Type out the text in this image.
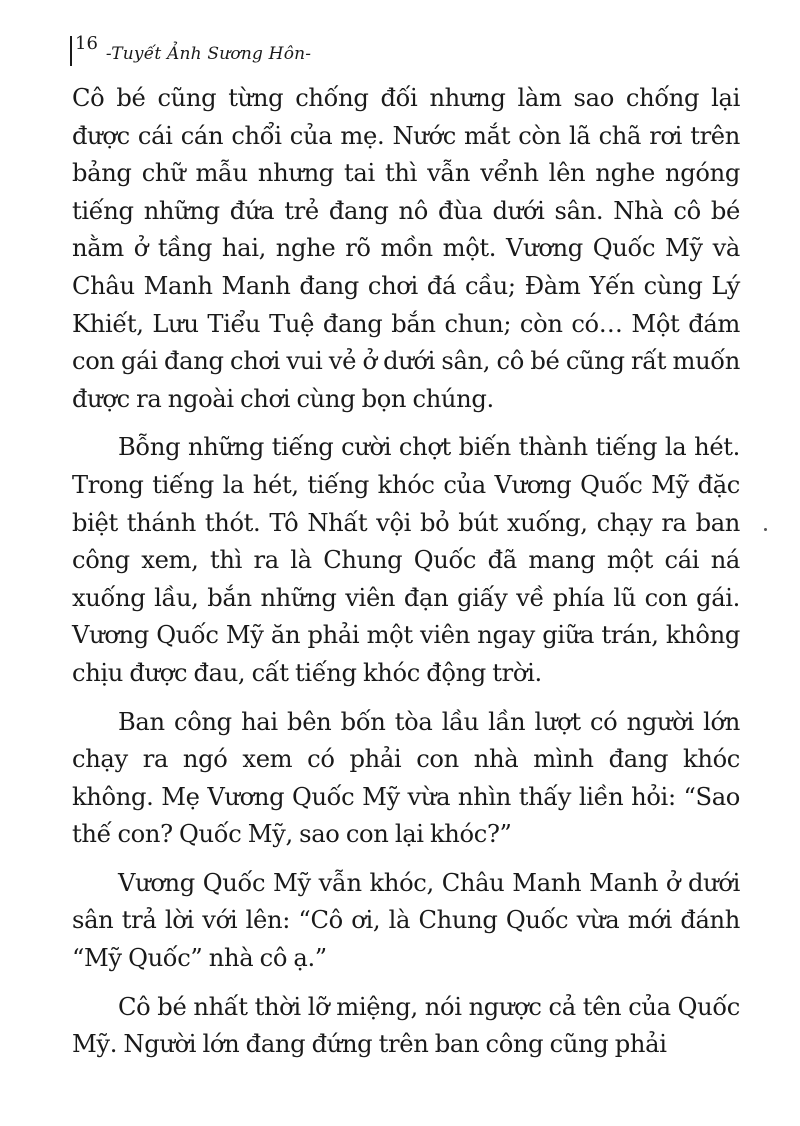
16 -Tuyết Ảnh Sương Hôn-

Cô bé cũng từng chống đối nhưng làm sao chống lại được cái cán chổi của mẹ. Nước mắt còn lã chã rơi trên bảng chữ mẫu nhưng tai thì vẫn vểnh lên nghe ngóng tiếng những đứa trẻ đang nô đùa dưới sân. Nhà cô bé nằm ở tầng hai, nghe rõ mồn một. Vương Quốc Mỹ và Châu Manh Manh đang chơi đá cầu; Đàm Yến cùng Lý Khiết, Lưu Tiểu Tuệ đang bắn chun; còn có… Một đám con gái đang chơi vui vẻ ở dưới sân, cô bé cũng rất muốn được ra ngoài chơi cùng bọn chúng.

Bỗng những tiếng cười chợt biến thành tiếng la hét. Trong tiếng la hét, tiếng khóc của Vương Quốc Mỹ đặc biệt thánh thót. Tô Nhất vội bỏ bút xuống, chạy ra ban công xem, thì ra là Chung Quốc đã mang một cái ná xuống lầu, bắn những viên đạn giấy về phía lũ con gái. Vương Quốc Mỹ ăn phải một viên ngay giữa trán, không chịu được đau, cất tiếng khóc động trời.

Ban công hai bên bốn tòa lầu lần lượt có người lớn chạy ra ngó xem có phải con nhà mình đang khóc không. Mẹ Vương Quốc Mỹ vừa nhìn thấy liền hỏi: “Sao thế con? Quốc Mỹ, sao con lại khóc?”

Vương Quốc Mỹ vẫn khóc, Châu Manh Manh ở dưới sân trả lời với lên: “Cô ơi, là Chung Quốc vừa mới đánh “Mỹ Quốc” nhà cô ạ.”

Cô bé nhất thời lỡ miệng, nói ngược cả tên của Quốc Mỹ. Người lớn đang đứng trên ban công cũng phải
